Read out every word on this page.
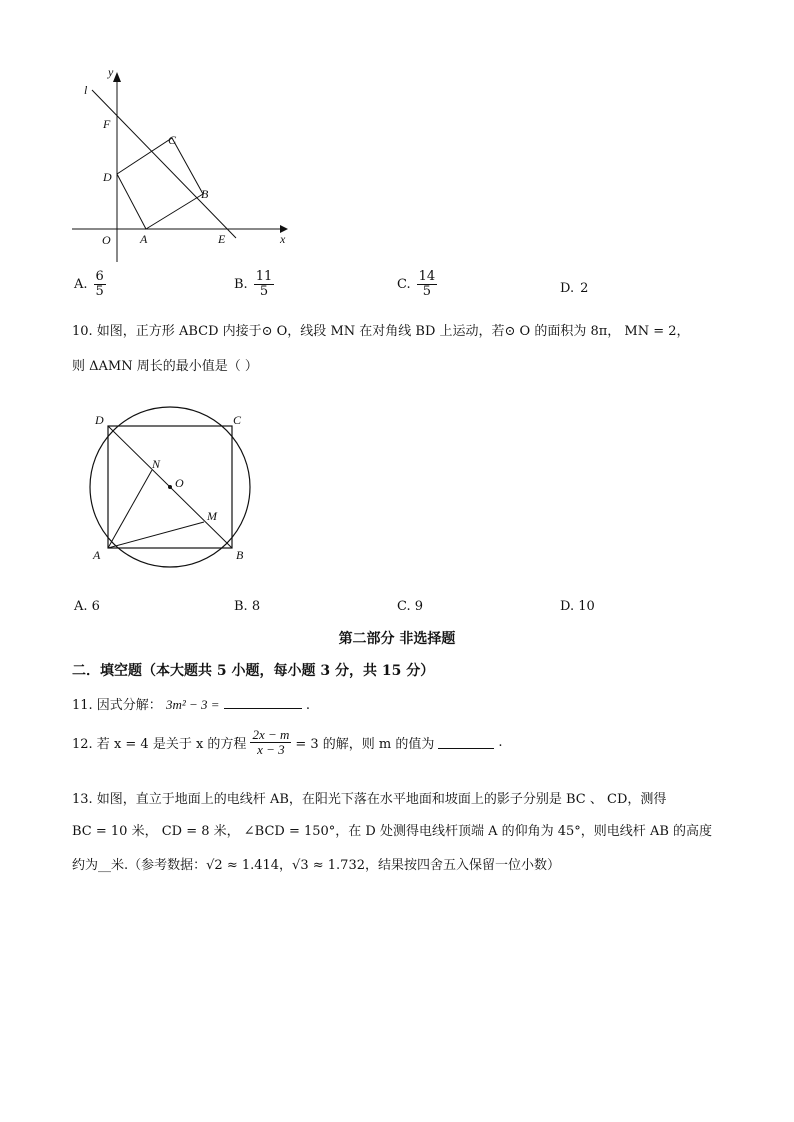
l
y
F
C
D
B
O A	E	x
A. $\frac{6}{5}$	B. $\frac{11}{5}$	C. $\frac{14}{5}$	D. 2
10. 如图，正方形 ABCD 内接于⊙ O，线段 MN 在对角线 BD 上运动，若⊙ O 的面积为 8π， MN = 2，
则 ΔAMN 周长的最小值是（ ）
D	C
N
O
M
A	B
A. 6	B. 8	C. 9	D. 10
第二部分 非选择题
二．填空题（本大题共 5 小题，每小题 3 分，共 15 分）
11. 因式分解： 3m² − 3 =	.
12. 若 x = 4 是关于 x 的方程 $\frac{2x - m}{x - 3} = 3$ 的解，则 m 的值为	.
13. 如图，直立于地面上的电线杆 AB，在阳光下落在水平地面和坡面上的影子分别是 BC 、 CD，测得
BC = 10 米， CD = 8 米， ∠BCD = 150°，在 D 处测得电线杆顶端 A 的仰角为 45°，则电线杆 AB 的高度
约为__米.（参考数据：√2 ≈ 1.414，√3 ≈ 1.732，结果按四舍五入保留一位小数）
